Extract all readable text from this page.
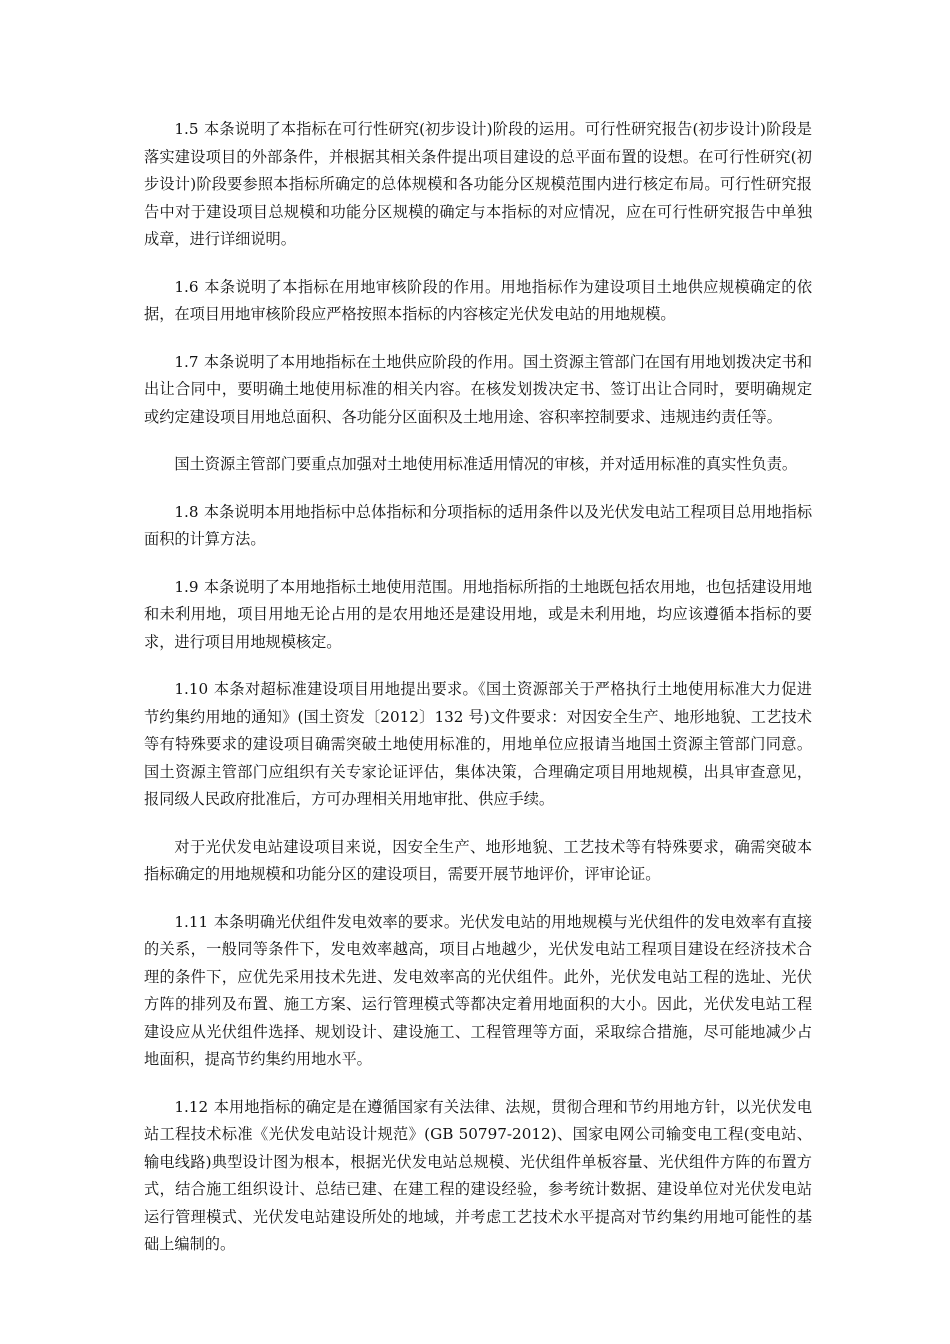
1.5 本条说明了本指标在可行性研究(初步设计)阶段的运用。可行性研究报告(初步设计)阶段是落实建设项目的外部条件，并根据其相关条件提出项目建设的总平面布置的设想。在可行性研究(初步设计)阶段要参照本指标所确定的总体规模和各功能分区规模范围内进行核定布局。可行性研究报告中对于建设项目总规模和功能分区规模的确定与本指标的对应情况，应在可行性研究报告中单独成章，进行详细说明。

1.6 本条说明了本指标在用地审核阶段的作用。用地指标作为建设项目土地供应规模确定的依据，在项目用地审核阶段应严格按照本指标的内容核定光伏发电站的用地规模。

1.7 本条说明了本用地指标在土地供应阶段的作用。国土资源主管部门在国有用地划拨决定书和出让合同中，要明确土地使用标准的相关内容。在核发划拨决定书、签订出让合同时，要明确规定或约定建设项目用地总面积、各功能分区面积及土地用途、容积率控制要求、违规违约责任等。

国土资源主管部门要重点加强对土地使用标准适用情况的审核，并对适用标准的真实性负责。

1.8 本条说明本用地指标中总体指标和分项指标的适用条件以及光伏发电站工程项目总用地指标面积的计算方法。

1.9 本条说明了本用地指标土地使用范围。用地指标所指的土地既包括农用地，也包括建设用地和未利用地，项目用地无论占用的是农用地还是建设用地，或是未利用地，均应该遵循本指标的要求，进行项目用地规模核定。

1.10 本条对超标准建设项目用地提出要求。《国土资源部关于严格执行土地使用标准大力促进节约集约用地的通知》(国土资发〔2012〕132 号)文件要求：对因安全生产、地形地貌、工艺技术等有特殊要求的建设项目确需突破土地使用标准的，用地单位应报请当地国土资源主管部门同意。国土资源主管部门应组织有关专家论证评估，集体决策，合理确定项目用地规模，出具审查意见，报同级人民政府批准后，方可办理相关用地审批、供应手续。

对于光伏发电站建设项目来说，因安全生产、地形地貌、工艺技术等有特殊要求，确需突破本指标确定的用地规模和功能分区的建设项目，需要开展节地评价，评审论证。

1.11 本条明确光伏组件发电效率的要求。光伏发电站的用地规模与光伏组件的发电效率有直接的关系，一般同等条件下，发电效率越高，项目占地越少，光伏发电站工程项目建设在经济技术合理的条件下，应优先采用技术先进、发电效率高的光伏组件。此外，光伏发电站工程的选址、光伏方阵的排列及布置、施工方案、运行管理模式等都决定着用地面积的大小。因此，光伏发电站工程建设应从光伏组件选择、规划设计、建设施工、工程管理等方面，采取综合措施，尽可能地减少占地面积，提高节约集约用地水平。

1.12 本用地指标的确定是在遵循国家有关法律、法规，贯彻合理和节约用地方针，以光伏发电站工程技术标准《光伏发电站设计规范》(GB 50797-2012)、国家电网公司输变电工程(变电站、输电线路)典型设计图为根本，根据光伏发电站总规模、光伏组件单板容量、光伏组件方阵的布置方式，结合施工组织设计、总结已建、在建工程的建设经验，参考统计数据、建设单位对光伏发电站运行管理模式、光伏发电站建设所处的地域，并考虑工艺技术水平提高对节约集约用地可能性的基础上编制的。
